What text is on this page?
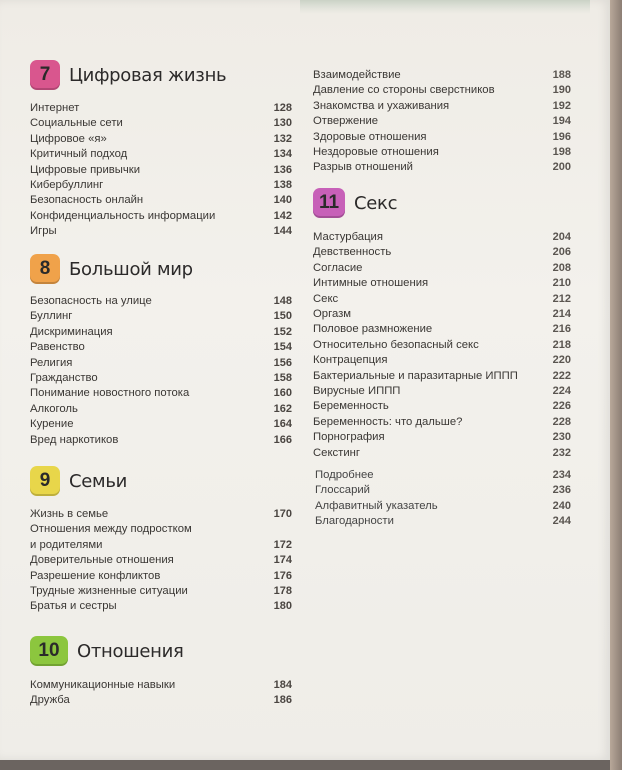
7	Цифровая жизнь
Интернет	128
Социальные сети	130
Цифровое «я»	132
Критичный подход	134
Цифровые привычки	136
Кибербуллинг	138
Безопасность онлайн	140
Конфиденциальность информации	142
Игры	144
8	Большой мир
Безопасность на улице	148
Буллинг	150
Дискриминация	152
Равенство	154
Религия	156
Гражданство	158
Понимание новостного потока	160
Алкоголь	162
Курение	164
Вред наркотиков	166
9	Семьи
Жизнь в семье	170
Отношения между подростком
и родителями	172
Доверительные отношения	174
Разрешение конфликтов	176
Трудные жизненные ситуации	178
Братья и сестры	180
10 Отношения
Коммуникационные навыки	184
Дружба	186
Взаимодействие	188
Давление со стороны сверстников	190
Знакомства и ухаживания	192
Отвержение	194
Здоровые отношения	196
Нездоровые отношения	198
Разрыв отношений	200
11 Секс
Мастурбация	204
Девственность	206
Согласие	208
Интимные отношения	210
Секс	212
Оргазм	214
Половое размножение	216
Относительно безопасный секс	218
Контрацепция	220
Бактериальные и паразитарные ИППП	222
Вирусные ИППП	224
Беременность	226
Беременность: что дальше?	228
Порнография	230
Секстинг	232
Подробнее	234
Глоссарий	236
Алфавитный указатель	240
Благодарности	244
